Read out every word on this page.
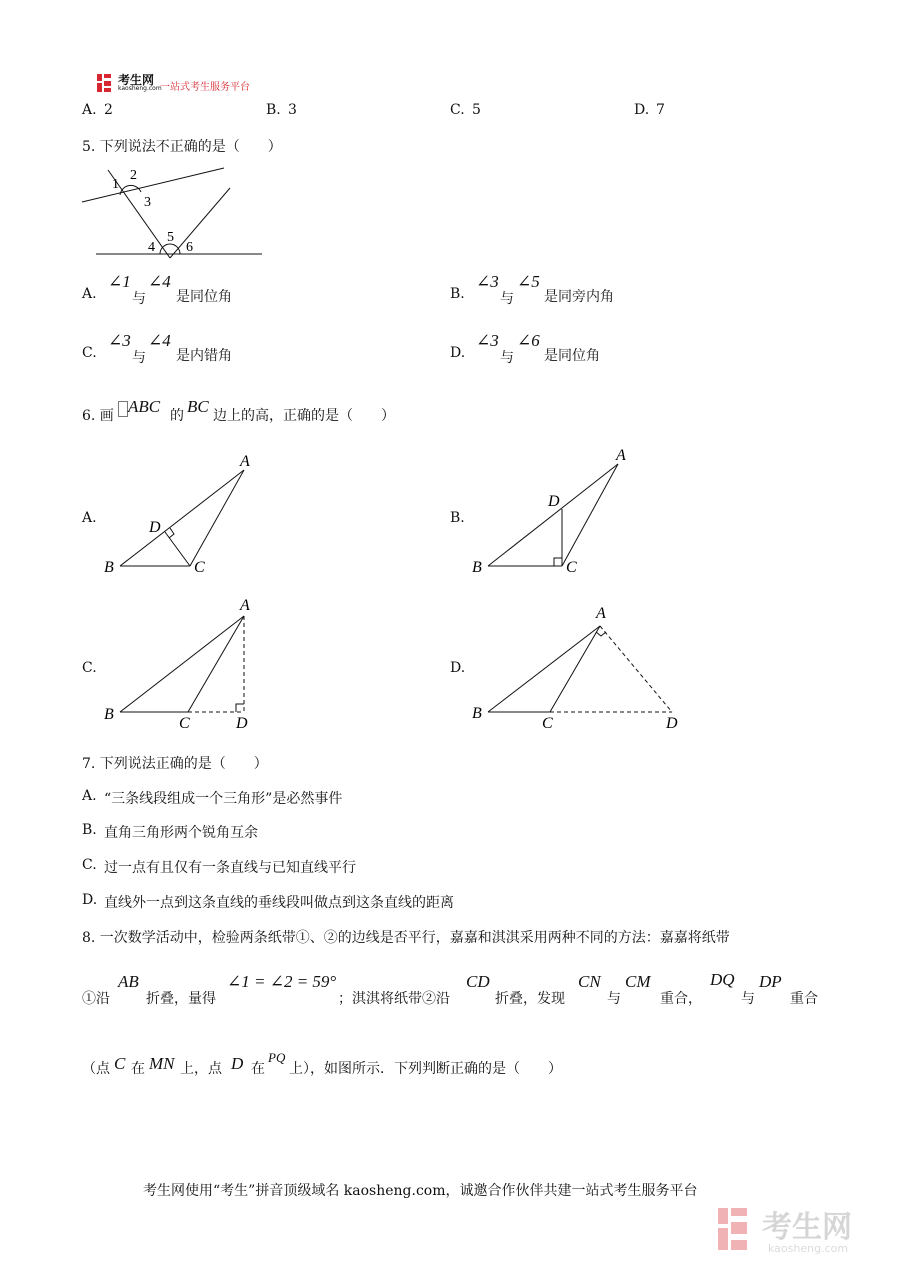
考生网
kaosheng.com
一站式考生服务平台
A. 2	B. 3	C. 5	D. 7
5. 下列说法不正确的是（　　）
1
2
3
4
5
6
A.
∠1
与
∠4
是同位角	B.
∠3
与
∠5
是同旁内角
C.
∠3
与
∠4
是内错角	D.
∠3
与
∠6
是同位角
6. 画 ABC 的 BC 边上的高，正确的是（　　）
A.
A
B	C
D
B.
A
B	C
D
C.
A
B
C	D
D.
A
B
C	D
7. 下列说法正确的是（　　）
A. “三条线段组成一个三角形”是必然事件
B. 直角三角形两个锐角互余
C. 过一点有且仅有一条直线与已知直线平行
D. 直线外一点到这条直线的垂线段叫做点到这条直线的距离
8. 一次数学活动中，检验两条纸带①、②的边线是否平行，嘉嘉和淇淇采用两种不同的方法：嘉嘉将纸带
①沿
AB
折叠，量得
∠1 = ∠2 = 59°
；淇淇将纸带②沿
CD
折叠，发现
CN
与
CM
重合，
DQ
与
DP
重合
（点 C 在 MN 上，点 D 在
PQ
上），如图所示．下列判断正确的是（　　）
考生网使用“考生”拼音顶级域名 kaosheng.com，诚邀合作伙伴共建一站式考生服务平台
考生网
kaosheng.com
